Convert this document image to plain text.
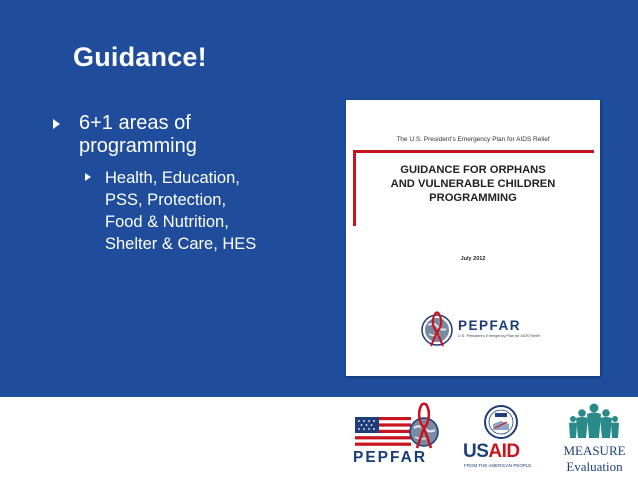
Guidance!
6+1 areas of
programming
Health, Education,
PSS, Protection,
Food & Nutrition,
Shelter & Care, HES
The U.S. President's Emergency Plan for AIDS Relief
GUIDANCE FOR ORPHANS
AND VULNERABLE CHILDREN
PROGRAMMING
July 2012
PEPFAR
U.S. President's Emergency Plan for AIDS Relief
PEPFAR USAID
FROM THE AMERICAN PEOPLE
MEASURE
Evaluation
